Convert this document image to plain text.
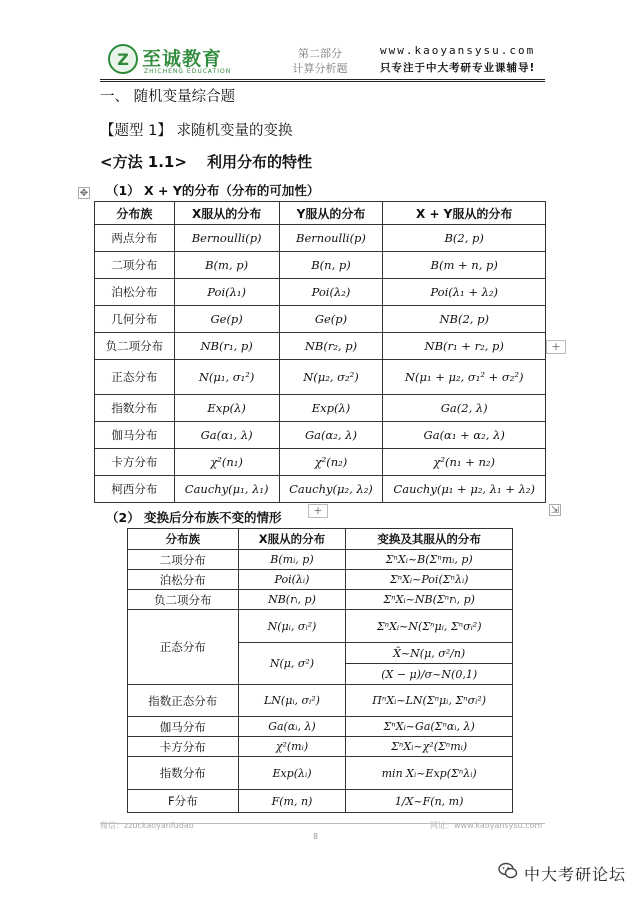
Z 至诚教育
ZHICHENG EDUCATION
第二部分
计算分析题
www.kaoyansysu.com
只专注于中大考研专业课辅导!
一、 随机变量综合题
【题型 1】 求随机变量的变换
<方法 1.1> 利用分布的特性
✥ （1） X + Y的分布（分布的可加性）
分布族	X服从的分布	Y服从的分布	X + Y服从的分布
两点分布	Bernoulli(p)	Bernoulli(p)	B(2, p)
二项分布	B(m, p)	B(n, p)	B(m + n, p)
泊松分布	Poi(λ₁)	Poi(λ₂)	Poi(λ₁ + λ₂)
几何分布	Ge(p)	Ge(p)	NB(2, p)
负二项分布	NB(r₁, p)	NB(r₂, p)	NB(r₁ + r₂, p)
正态分布	N(μ₁, σ₁²)	N(μ₂, σ₂²)	N(μ₁ + μ₂, σ₁² + σ₂²)
指数分布	Exp(λ)	Exp(λ)	Ga(2, λ)
伽马分布	Ga(α₁, λ)	Ga(α₂, λ)	Ga(α₁ + α₂, λ)
卡方分布	χ²(n₁)	χ²(n₂)	χ²(n₁ + n₂)
柯西分布	Cauchy(μ₁, λ₁)	Cauchy(μ₂, λ₂)	Cauchy(μ₁ + μ₂, λ₁ + λ₂)
+
+	⇲
（2） 变换后分布族不变的情形
分布族	X服从的分布	变换及其服从的分布
二项分布	B(mᵢ, p)	ΣⁿXᵢ~B(Σⁿmᵢ, p)
泊松分布	Poi(λᵢ)	ΣⁿXᵢ~Poi(Σⁿλᵢ)
负二项分布	NB(rᵢ, p)	ΣⁿXᵢ~NB(Σⁿrᵢ, p)
正态分布	N(μᵢ, σᵢ²)	ΣⁿXᵢ~N(Σⁿμᵢ, Σⁿσᵢ²)
	N(μ, σ²)	X̄~N(μ, σ²/n)
		(X − μ)/σ~N(0,1)
指数正态分布	LN(μᵢ, σᵢ²)	ΠⁿXᵢ~LN(Σⁿμᵢ, Σⁿσᵢ²)
伽马分布	Ga(αᵢ, λ)	ΣⁿXᵢ~Ga(Σⁿαᵢ, λ)
卡方分布	χ²(mᵢ)	ΣⁿXᵢ~χ²(Σⁿmᵢ)
指数分布	Exp(λᵢ)	min Xᵢ~Exp(Σⁿλᵢ)
F分布	F(m, n)	1/X~F(n, m)
微信：zzuckaoyanfudao	网址：www.kaoyansysu.com
8
中大考研论坛
